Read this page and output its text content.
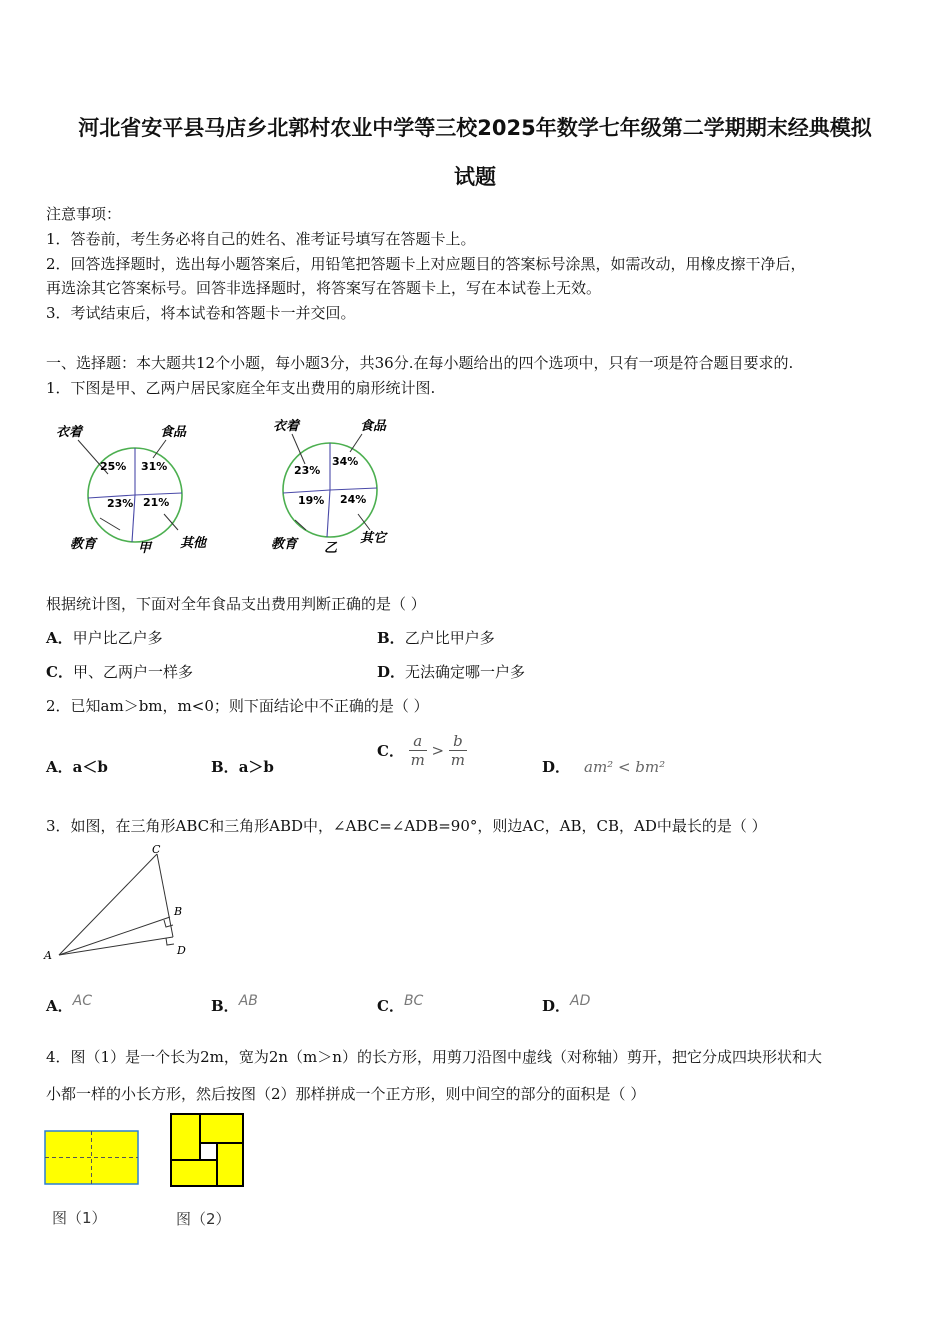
河北省安平县马店乡北郭村农业中学等三校2025年数学七年级第二学期期末经典模拟
试题
注意事项：
1．答卷前，考生务必将自己的姓名、准考证号填写在答题卡上。
2．回答选择题时，选出每小题答案后，用铅笔把答题卡上对应题目的答案标号涂黑，如需改动，用橡皮擦干净后，
再选涂其它答案标号。回答非选择题时，将答案写在答题卡上，写在本试卷上无效。
3．考试结束后，将本试卷和答题卡一并交回。
一、选择题：本大题共12个小题，每小题3分，共36分.在每小题给出的四个选项中，只有一项是符合题目要求的.
1．下图是甲、乙两户居民家庭全年支出费用的扇形统计图.
25% 31%
23% 21%
衣着	食品
教育	其他
甲
23%
34%
19% 24%
衣着	食品
教育	其它
乙
根据统计图，下面对全年食品支出费用判断正确的是（ ）
A．甲户比乙户多	B．乙户比甲户多
C．甲、乙两户一样多	D．无法确定哪一户多
2．已知am＞bm，m<0；则下面结论中不正确的是（ ）
A．a＜b	B．a＞b
C． $\frac{a}{m} > \frac{b}{m}$	D． am² < bm²
3．如图，在三角形ABC和三角形ABD中，∠ABC=∠ADB=90°，则边AC，AB，CB，AD中最长的是（ ）
C
B
D
A
A．AC	B．AB	C．BC	D．AD
4．图（1）是一个长为2m，宽为2n（m＞n）的长方形，用剪刀沿图中虚线（对称轴）剪开，把它分成四块形状和大
小都一样的小长方形，然后按图（2）那样拼成一个正方形，则中间空的部分的面积是（ ）
图（1）	图（2）
